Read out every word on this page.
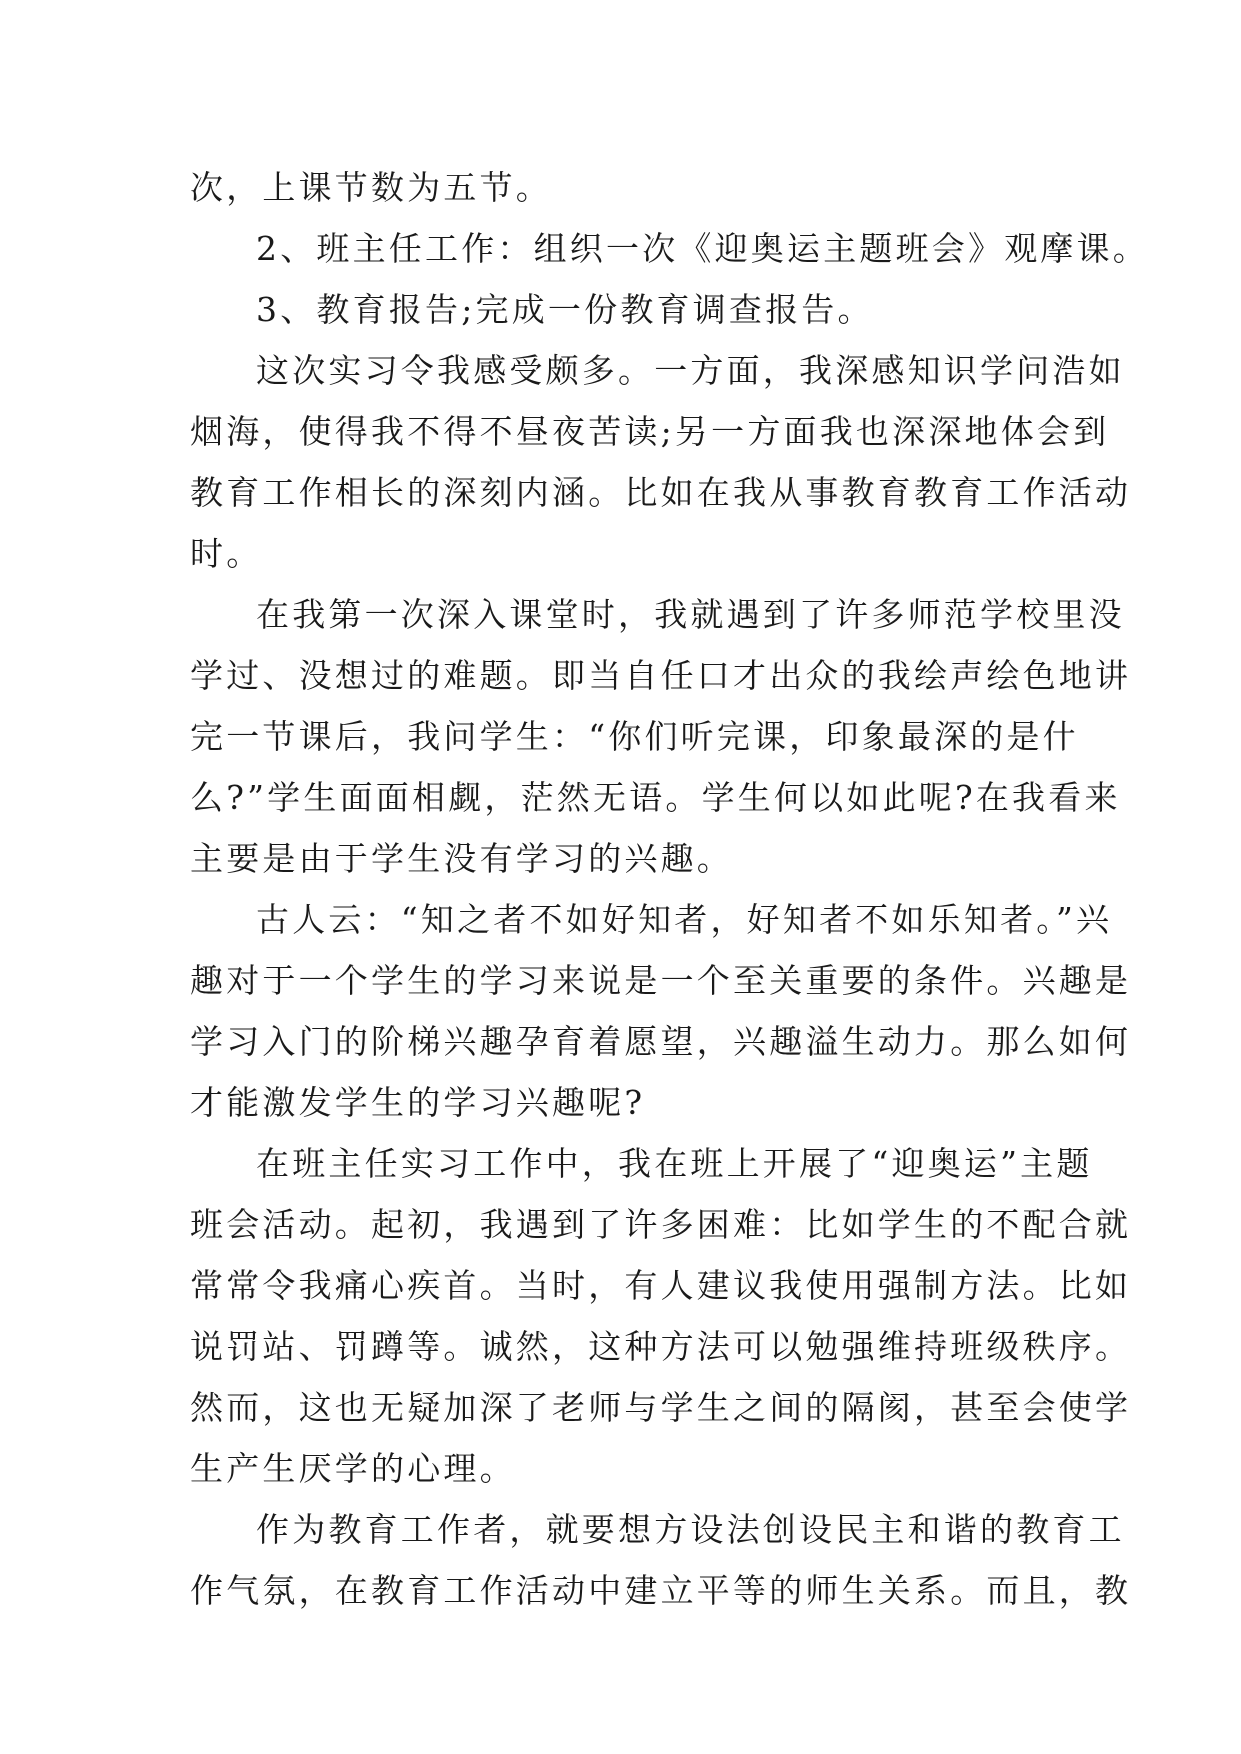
次，上课节数为五节。
2、班主任工作：组织一次《迎奥运主题班会》观摩课。
3、教育报告;完成一份教育调查报告。
这次实习令我感受颇多。一方面，我深感知识学问浩如
烟海，使得我不得不昼夜苦读;另一方面我也深深地体会到
教育工作相长的深刻内涵。比如在我从事教育教育工作活动
时。
在我第一次深入课堂时，我就遇到了许多师范学校里没
学过、没想过的难题。即当自任口才出众的我绘声绘色地讲
完一节课后，我问学生：“你们听完课，印象最深的是什
么?”学生面面相觑，茫然无语。学生何以如此呢?在我看来
主要是由于学生没有学习的兴趣。
古人云：“知之者不如好知者，好知者不如乐知者。”兴
趣对于一个学生的学习来说是一个至关重要的条件。兴趣是
学习入门的阶梯兴趣孕育着愿望，兴趣溢生动力。那么如何
才能激发学生的学习兴趣呢?
在班主任实习工作中，我在班上开展了“迎奥运”主题
班会活动。起初，我遇到了许多困难：比如学生的不配合就
常常令我痛心疾首。当时，有人建议我使用强制方法。比如
说罚站、罚蹲等。诚然，这种方法可以勉强维持班级秩序。
然而，这也无疑加深了老师与学生之间的隔阂，甚至会使学
生产生厌学的心理。
作为教育工作者，就要想方设法创设民主和谐的教育工
作气氛，在教育工作活动中建立平等的师生关系。而且，教
